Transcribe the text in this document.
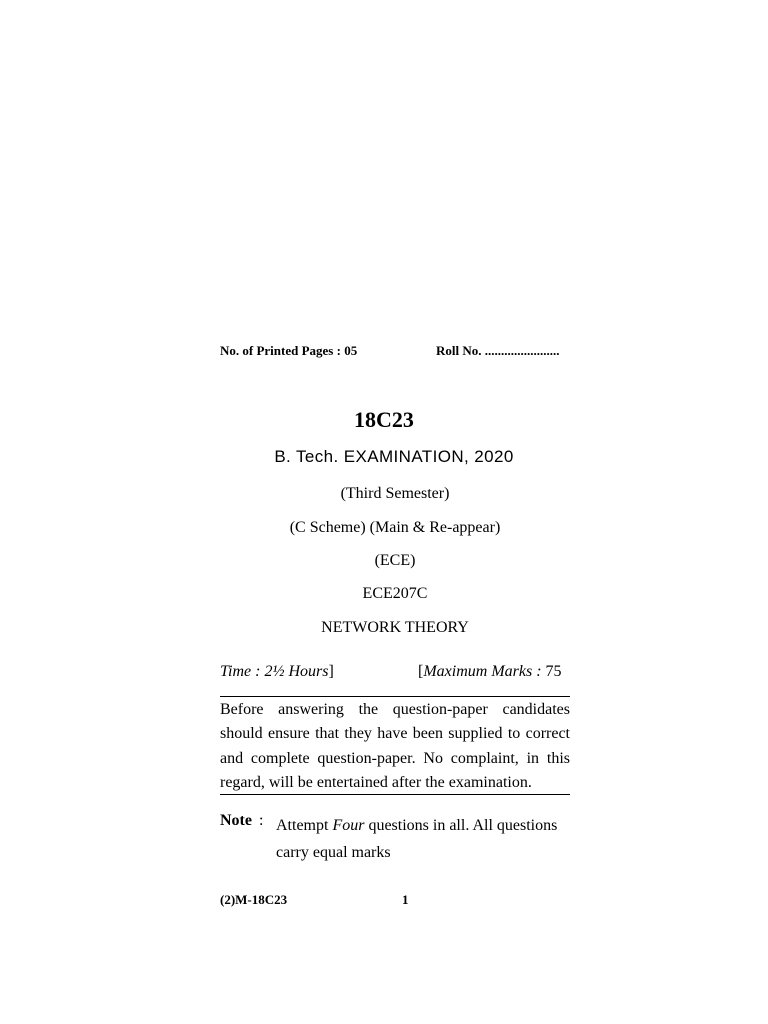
No. of Printed Pages : 05	Roll No. .......................
18C23
B. Tech. EXAMINATION, 2020
(Third Semester)
(C Scheme) (Main & Re-appear)
(ECE)
ECE207C
NETWORK THEORY
Time : 2½ Hours]	[Maximum Marks : 75
Before answering the question-paper candidates
should ensure that they have been supplied to correct
and complete question-paper. No complaint, in this
regard, will be entertained after the examination.
Note : Attempt Four questions in all. All questions carry equal marks
(2)M-18C23	1
